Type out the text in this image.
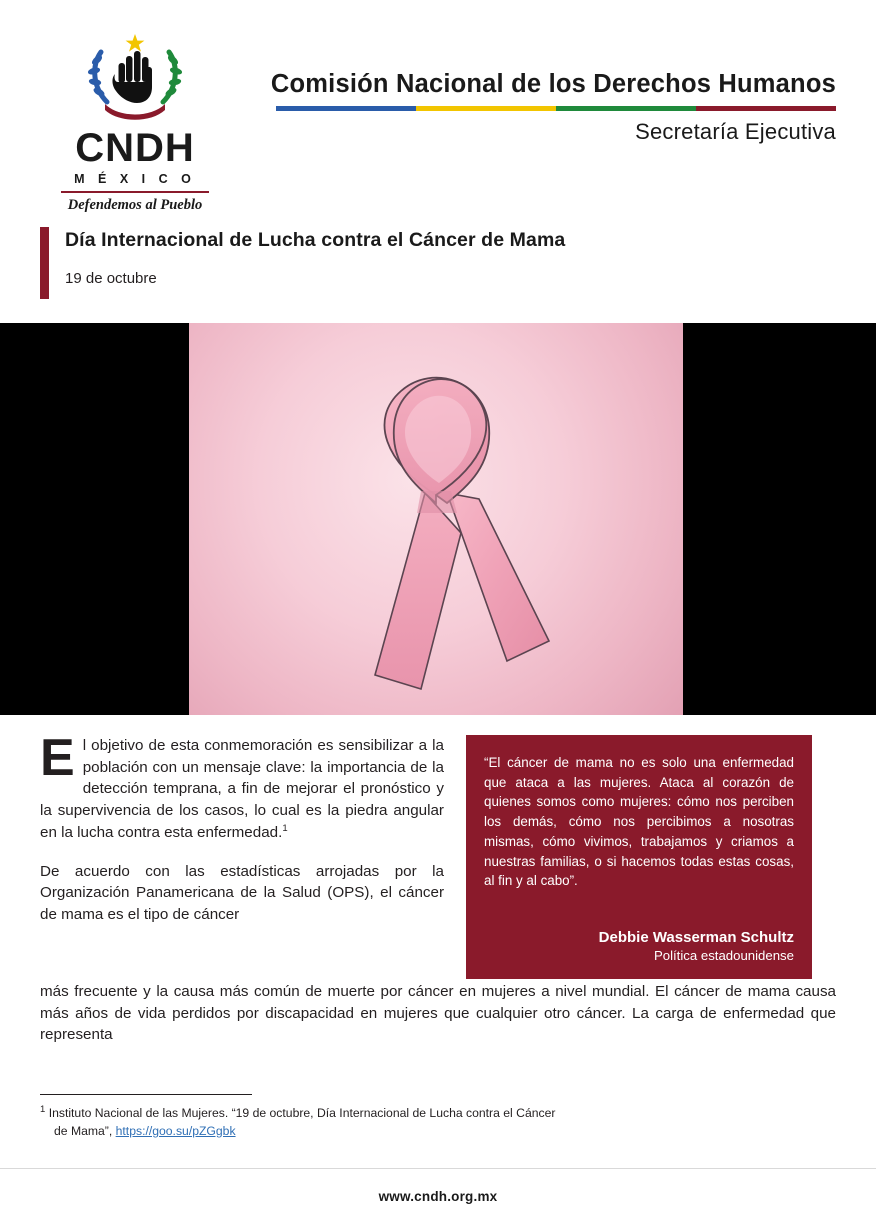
CNDH
M É X I C O
Defendemos al Pueblo
Comisión Nacional de los Derechos Humanos
Secretaría Ejecutiva
Día Internacional de Lucha contra el Cáncer de Mama
19 de octubre

El objetivo de esta conmemoración es sensibilizar a la población con un mensaje clave: la importancia de la detección temprana, a fin de mejorar el pronóstico y la supervivencia de los casos, lo cual es la piedra angular en la lucha contra esta enfermedad.$^1$

De acuerdo con las estadísticas arrojadas por la Organización Panamericana de la Salud (OPS), el cáncer de mama es el tipo de cáncer

“El cáncer de mama no es solo una enfermedad que ataca a las mujeres. Ataca al corazón de quienes somos como mujeres: cómo nos perciben los demás, cómo nos percibimos a nosotras mismas, cómo vivimos, trabajamos y criamos a nuestras familias, o si hacemos todas estas cosas, al fin y al cabo”.

Debbie Wasserman Schultz
Política estadounidense

más frecuente y la causa más común de muerte por cáncer en mujeres a nivel mundial. El cáncer de mama causa más años de vida perdidos por discapacidad en mujeres que cualquier otro cáncer. La carga de enfermedad que representa

$^1$ Instituto Nacional de las Mujeres. “19 de octubre, Día Internacional de Lucha contra el Cáncer
de Mama”, https://goo.su/pZGgbk
www.cndh.org.mx
